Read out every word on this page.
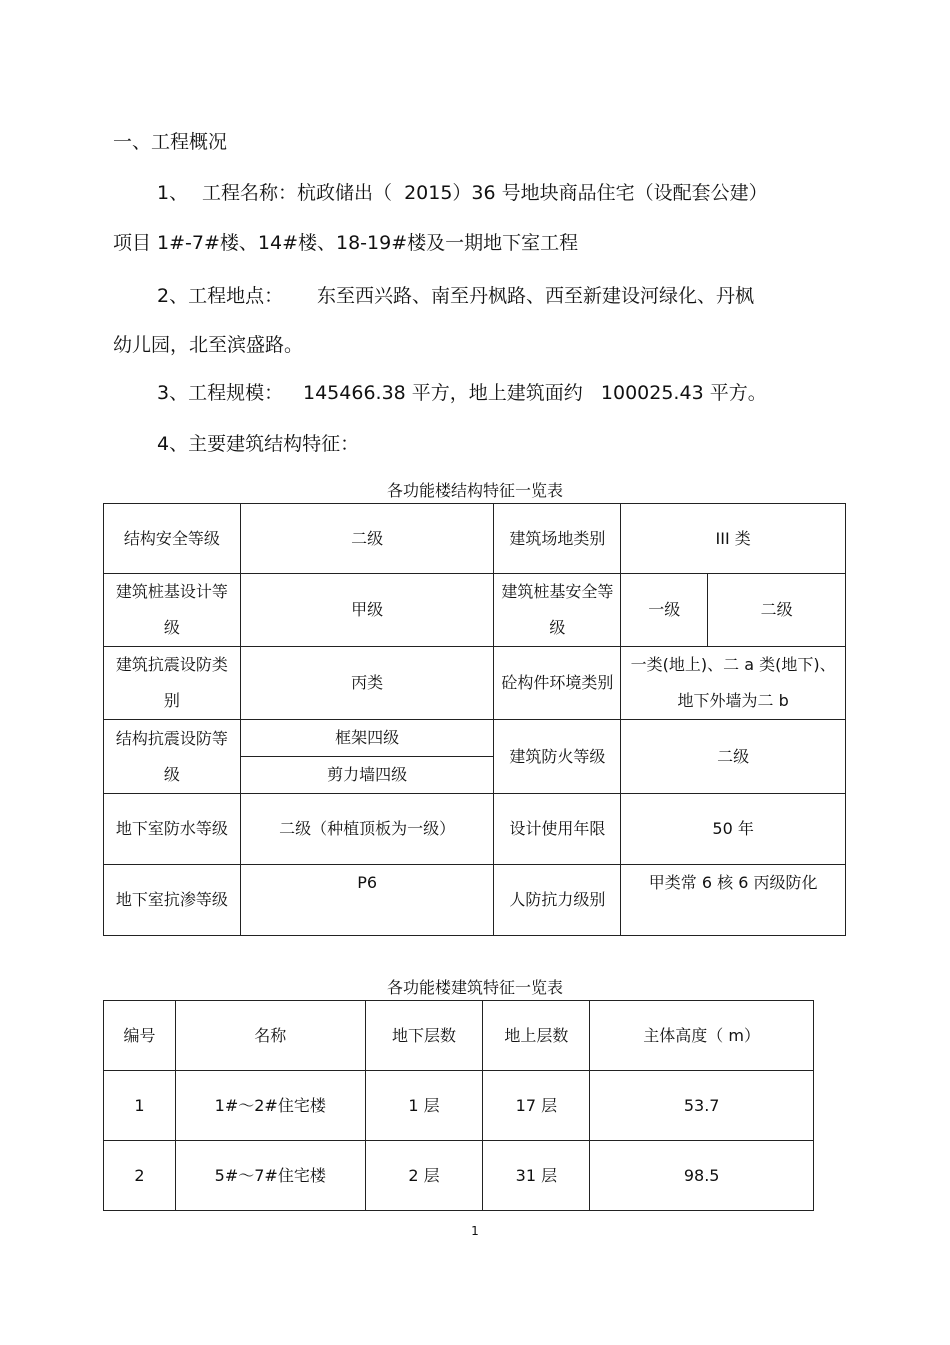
一、工程概况
1、 工程名称：杭政储出（  2015）36 号地块商品住宅（设配套公建）
项目 1#-7#楼、14#楼、18-19#楼及一期地下室工程
2、工程地点： 东至西兴路、南至丹枫路、西至新建设河绿化、丹枫
幼儿园，北至滨盛路。
3、工程规模： 145466.38 平方，地上建筑面约   100025.43 平方。
4、主要建筑结构特征：
各功能楼结构特征一览表
结构安全等级	二级	建筑场地类别	III 类	
建筑桩基设计等级	甲级	建筑桩基安全等级	一级	二级
建筑抗震设防类别	丙类	砼构件环境类别	一类(地上)、二 a 类(地下)、地下外墙为二 b	
结构抗震设防等级	框架四级	建筑防火等级	二级	
	剪力墙四级			
地下室防水等级	二级（种植顶板为一级）	设计使用年限	50 年	
地下室抗渗等级	P6	人防抗力级别	甲类常 6 核 6 丙级防化	
各功能楼建筑特征一览表
编号	名称	地下层数	地上层数	主体高度（ m）
1	1#～2#住宅楼	1 层	17 层	53.7
2	5#～7#住宅楼	2 层	31 层	98.5
1
